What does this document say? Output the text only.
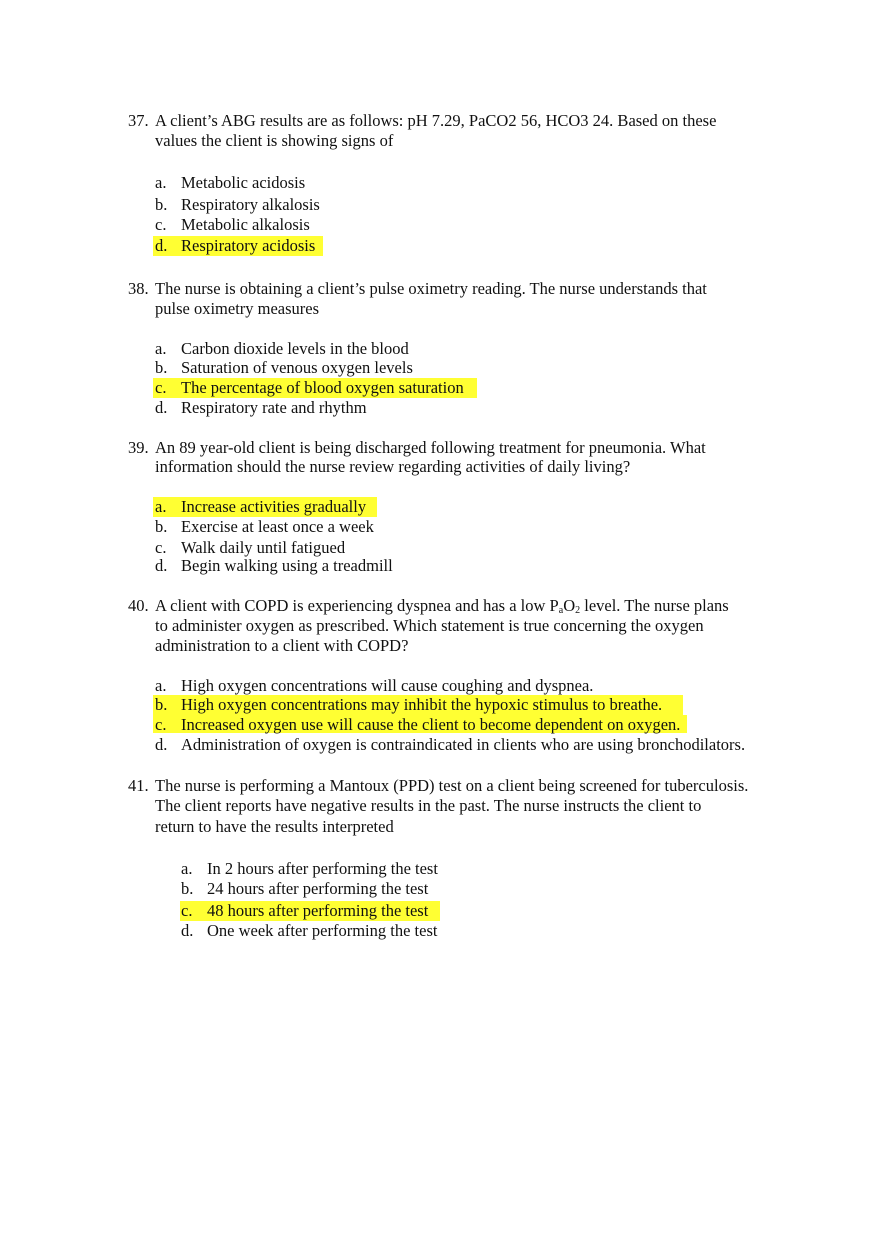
37. A client’s ABG results are as follows: pH 7.29, PaCO2 56, HCO3 24. Based on these
values the client is showing signs of
a. Metabolic acidosis
b. Respiratory alkalosis
c. Metabolic alkalosis
d. Respiratory acidosis
38. The nurse is obtaining a client’s pulse oximetry reading. The nurse understands that
pulse oximetry measures
a. Carbon dioxide levels in the blood
b. Saturation of venous oxygen levels
c. The percentage of blood oxygen saturation
d. Respiratory rate and rhythm
39. An 89 year-old client is being discharged following treatment for pneumonia. What
information should the nurse review regarding activities of daily living?
a. Increase activities gradually
b. Exercise at least once a week
c. Walk daily until fatigued
d. Begin walking using a treadmill
40. A client with COPD is experiencing dyspnea and has a low $P_aO_2$ level. The nurse plans
to administer oxygen as prescribed. Which statement is true concerning the oxygen
administration to a client with COPD?
a. High oxygen concentrations will cause coughing and dyspnea.
b. High oxygen concentrations may inhibit the hypoxic stimulus to breathe.
c. Increased oxygen use will cause the client to become dependent on oxygen.
d. Administration of oxygen is contraindicated in clients who are using bronchodilators.
41. The nurse is performing a Mantoux (PPD) test on a client being screened for tuberculosis.
The client reports have negative results in the past. The nurse instructs the client to
return to have the results interpreted
a. In 2 hours after performing the test
b. 24 hours after performing the test
c. 48 hours after performing the test
d. One week after performing the test
